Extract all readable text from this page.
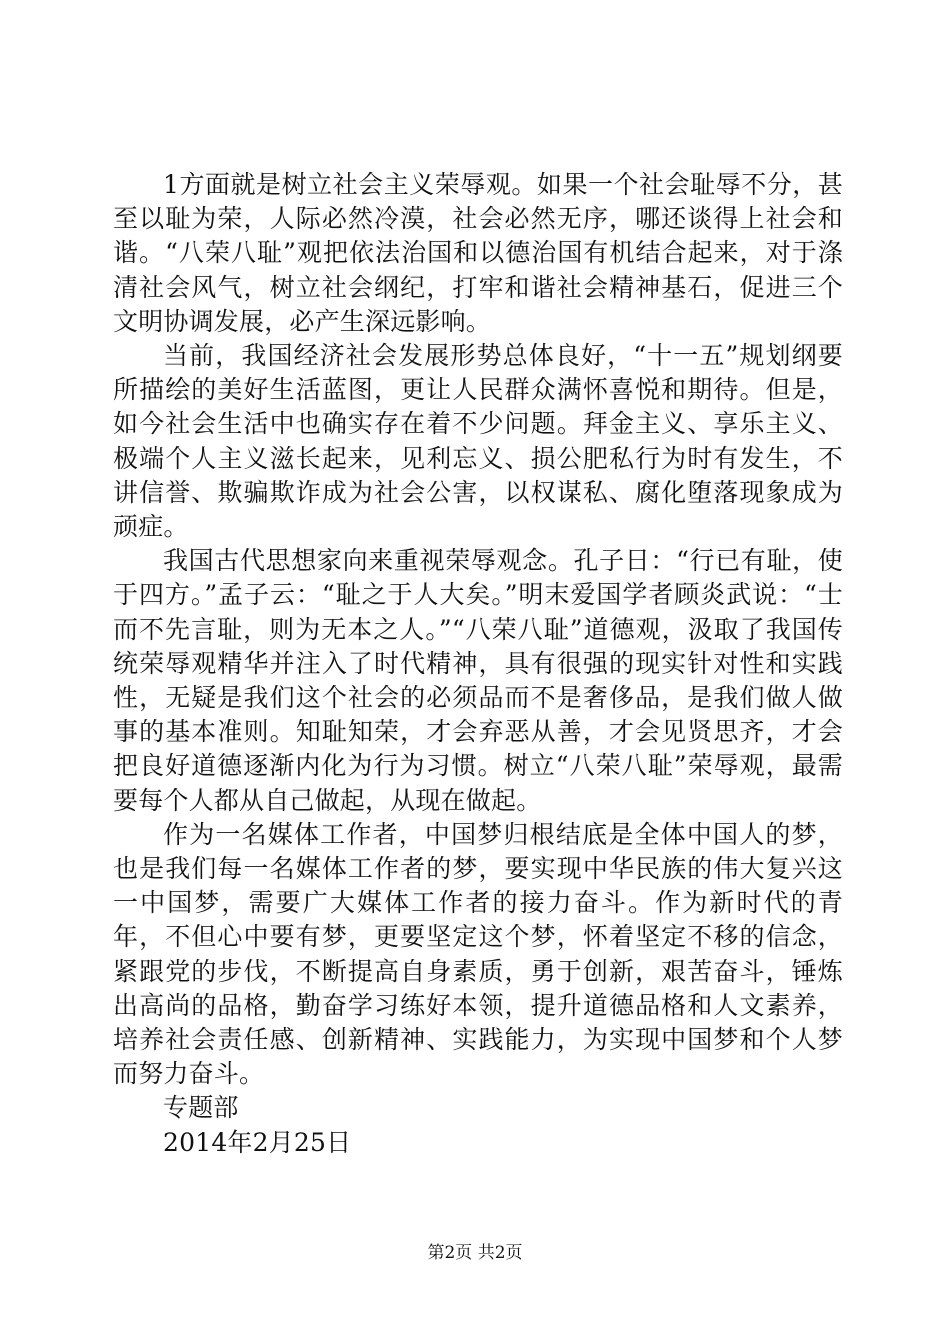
1方面就是树立社会主义荣辱观。如果一个社会耻辱不分，甚至以耻为荣，人际必然冷漠，社会必然无序，哪还谈得上社会和谐。“八荣八耻”观把依法治国和以德治国有机结合起来，对于涤清社会风气，树立社会纲纪，打牢和谐社会精神基石，促进三个文明协调发展，必产生深远影响。

当前，我国经济社会发展形势总体良好，“十一五”规划纲要所描绘的美好生活蓝图，更让人民群众满怀喜悦和期待。但是，如今社会生活中也确实存在着不少问题。拜金主义、享乐主义、极端个人主义滋长起来，见利忘义、损公肥私行为时有发生，不讲信誉、欺骗欺诈成为社会公害，以权谋私、腐化堕落现象成为顽症。

我国古代思想家向来重视荣辱观念。孔子日：“行已有耻，使于四方。”孟子云：“耻之于人大矣。”明末爱国学者顾炎武说：“士而不先言耻，则为无本之人。”“八荣八耻”道德观，汲取了我国传统荣辱观精华并注入了时代精神，具有很强的现实针对性和实践性，无疑是我们这个社会的必须品而不是奢侈品，是我们做人做事的基本准则。知耻知荣，才会弃恶从善，才会见贤思齐，才会把良好道德逐渐内化为行为习惯。树立“八荣八耻”荣辱观，最需要每个人都从自己做起，从现在做起。

作为一名媒体工作者，中国梦归根结底是全体中国人的梦，也是我们每一名媒体工作者的梦，要实现中华民族的伟大复兴这一中国梦，需要广大媒体工作者的接力奋斗。作为新时代的青年，不但心中要有梦，更要坚定这个梦，怀着坚定不移的信念，紧跟党的步伐，不断提高自身素质，勇于创新，艰苦奋斗，锤炼出高尚的品格，勤奋学习练好本领，提升道德品格和人文素养，培养社会责任感、创新精神、实践能力，为实现中国梦和个人梦而努力奋斗。

专题部

2014年2月25日

第2页 共2页
